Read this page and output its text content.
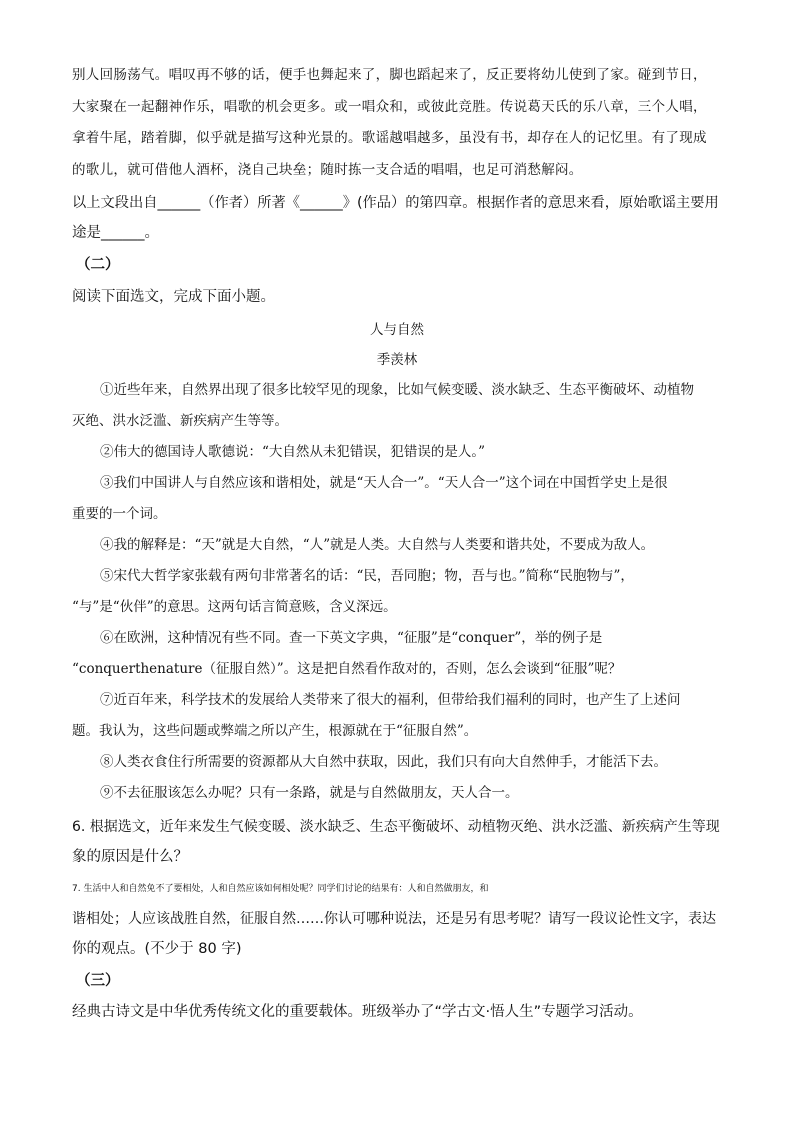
别人回肠荡气。唱叹再不够的话，便手也舞起来了，脚也蹈起来了，反正要将幼儿使到了家。碰到节日，

大家聚在一起翻神作乐，唱歌的机会更多。或一唱众和，或彼此竞胜。传说葛天氏的乐八章，三个人唱，

拿着牛尾，踏着脚，似乎就是描写这种光景的。歌谣越唱越多，虽没有书，却存在人的记忆里。有了现成

的歌儿，就可借他人酒杯，浇自己块垒；随时拣一支合适的唱唱，也足可消愁解闷。

以上文段出自______（作者）所著《______》(作品）的第四章。根据作者的意思来看，原始歌谣主要用

途是______。

（二）

阅读下面选文，完成下面小题。

人与自然

季羡林

①近些年来，自然界出现了很多比较罕见的现象，比如气候变暖、淡水缺乏、生态平衡破坏、动植物

灭绝、洪水泛滥、新疾病产生等等。

②伟大的德国诗人歌德说：“大自然从未犯错误，犯错误的是人。”

③我们中国讲人与自然应该和谐相处，就是“天人合一”。“天人合一”这个词在中国哲学史上是很

重要的一个词。

④我的解释是：“天”就是大自然，“人”就是人类。大自然与人类要和谐共处，不要成为敌人。

⑤宋代大哲学家张载有两句非常著名的话：“民，吾同胞；物，吾与也。”简称“民胞物与”，

“与”是“伙伴”的意思。这两句话言简意赅，含义深远。

⑥在欧洲，这种情况有些不同。查一下英文字典，“征服”是“conquer”，举的例子是

“conquerthenature（征服自然）”。这是把自然看作敌对的，否则，怎么会谈到“征服”呢？

⑦近百年来，科学技术的发展给人类带来了很大的福利，但带给我们福利的同时，也产生了上述问

题。我认为，这些问题或弊端之所以产生，根源就在于“征服自然”。

⑧人类衣食住行所需要的资源都从大自然中获取，因此，我们只有向大自然伸手，才能活下去。

⑨不去征服该怎么办呢？只有一条路，就是与自然做朋友，天人合一。

6. 根据选文，近年来发生气候变暖、淡水缺乏、生态平衡破坏、动植物灭绝、洪水泛滥、新疾病产生等现

象的原因是什么？

7. 生活中人和自然免不了要相处，人和自然应该如何相处呢？同学们讨论的结果有：人和自然做朋友，和

谐相处；人应该战胜自然，征服自然……你认可哪种说法，还是另有思考呢？请写一段议论性文字，表达

你的观点。(不少于 80 字)

（三）

经典古诗文是中华优秀传统文化的重要载体。班级举办了“学古文·悟人生”专题学习活动。
